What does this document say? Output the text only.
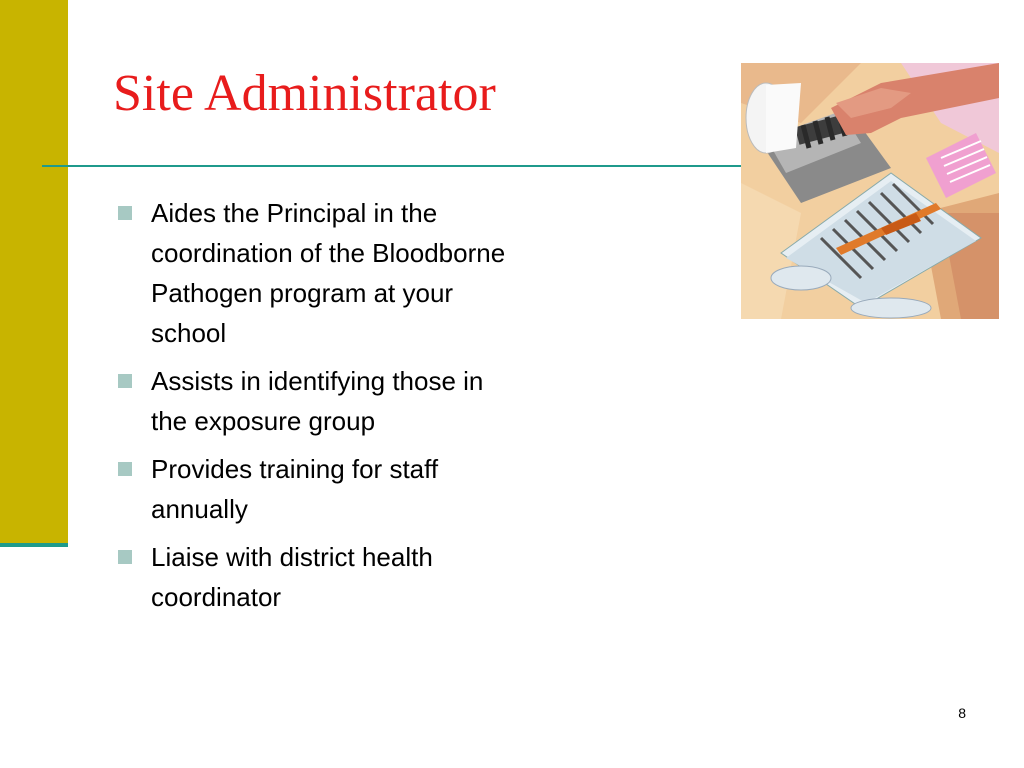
Site Administrator
Aides the Principal in the coordination of the Bloodborne Pathogen program at your school
Assists in identifying those in the exposure group
Provides training for staff annually
Liaise with district health coordinator
8
